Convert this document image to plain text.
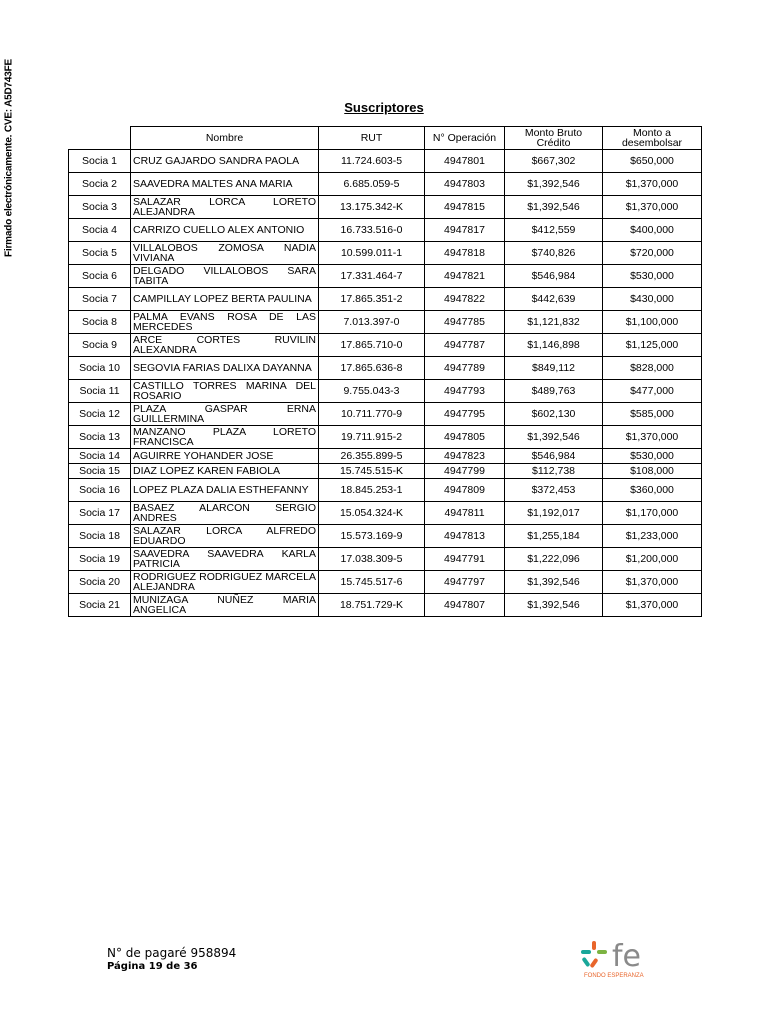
Firmado electrónicamente. CVE: A5D743FE	Suscriptores
	Nombre	RUT	N° Operación	Monto Bruto Crédito	Monto a desembolsar
Socia 1	CRUZ GAJARDO SANDRA PAOLA	11.724.603-5	4947801	$667,302	$650,000
Socia 2	SAAVEDRA MALTES ANA MARIA	6.685.059-5	4947803	$1,392,546	$1,370,000
Socia 3	SALAZAR LORCA LORETO ALEJANDRA	13.175.342-K	4947815	$1,392,546	$1,370,000
Socia 4	CARRIZO CUELLO ALEX ANTONIO	16.733.516-0	4947817	$412,559	$400,000
Socia 5	VILLALOBOS ZOMOSA NADIA VIVIANA	10.599.011-1	4947818	$740,826	$720,000
Socia 6	DELGADO VILLALOBOS SARA TABITA	17.331.464-7	4947821	$546,984	$530,000
Socia 7	CAMPILLAY LOPEZ BERTA PAULINA	17.865.351-2	4947822	$442,639	$430,000
Socia 8	PALMA EVANS ROSA DE LAS MERCEDES	7.013.397-0	4947785	$1,121,832	$1,100,000
Socia 9	ARCE CORTES RUVILIN ALEXANDRA	17.865.710-0	4947787	$1,146,898	$1,125,000
Socia 10	SEGOVIA FARIAS DALIXA DAYANNA	17.865.636-8	4947789	$849,112	$828,000
Socia 11	CASTILLO TORRES MARINA DEL ROSARIO	9.755.043-3	4947793	$489,763	$477,000
Socia 12	PLAZA GASPAR ERNA GUILLERMINA	10.711.770-9	4947795	$602,130	$585,000
Socia 13	MANZANO PLAZA LORETO FRANCISCA	19.711.915-2	4947805	$1,392,546	$1,370,000
Socia 14	AGUIRRE YOHANDER JOSE	26.355.899-5	4947823	$546,984	$530,000
Socia 15	DIAZ LOPEZ KAREN FABIOLA	15.745.515-K	4947799	$112,738	$108,000
Socia 16	LOPEZ PLAZA DALIA ESTHEFANNY	18.845.253-1	4947809	$372,453	$360,000
Socia 17	BASAEZ ALARCON SERGIO ANDRES	15.054.324-K	4947811	$1,192,017	$1,170,000
Socia 18	SALAZAR LORCA ALFREDO EDUARDO	15.573.169-9	4947813	$1,255,184	$1,233,000
Socia 19	SAAVEDRA SAAVEDRA KARLA PATRICIA	17.038.309-5	4947791	$1,222,096	$1,200,000
Socia 20	RODRIGUEZ RODRIGUEZ MARCELA ALEJANDRA	15.745.517-6	4947797	$1,392,546	$1,370,000
Socia 21	MUNIZAGA NUÑEZ MARIA ANGELICA	18.751.729-K	4947807	$1,392,546	$1,370,000
N° de pagaré 958894
Página 19 de 36	fe
FONDO ESPERANZA
